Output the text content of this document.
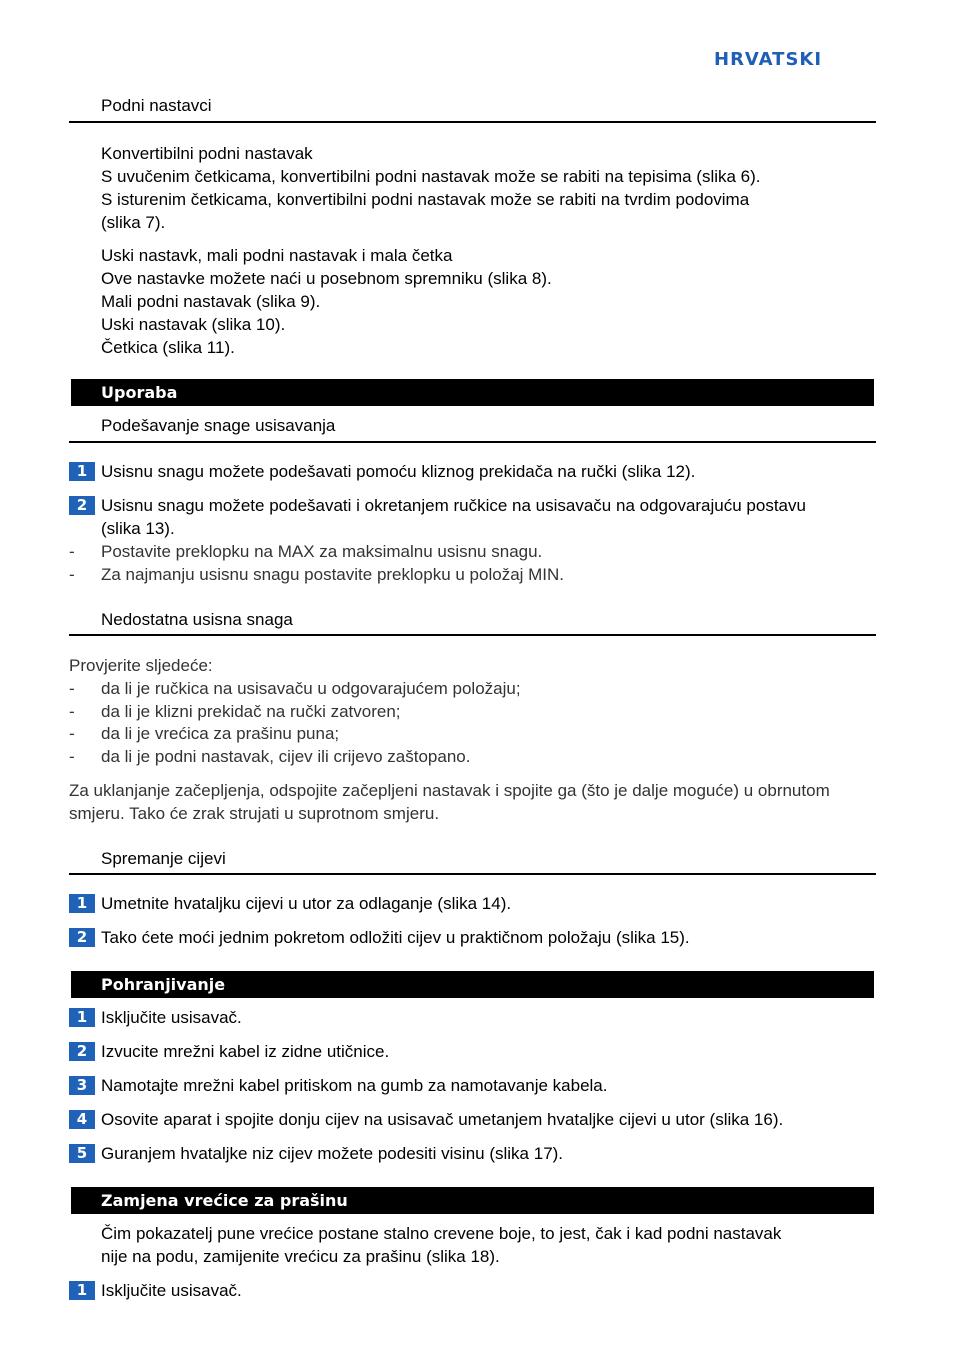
HRVATSKI
Podni nastavci
Konvertibilni podni nastavak
S uvučenim četkicama, konvertibilni podni nastavak može se rabiti na tepisima (slika 6).
S isturenim četkicama, konvertibilni podni nastavak može se rabiti na tvrdim podovima
(slika 7).
Uski nastavk, mali podni nastavak i mala četka
Ove nastavke možete naći u posebnom spremniku (slika 8).
Mali podni nastavak (slika 9).
Uski nastavak (slika 10).
Četkica (slika 11).
Uporaba
Podešavanje snage usisavanja
1 Usisnu snagu možete podešavati pomoću kliznog prekidača na ručki (slika 12).
2 Usisnu snagu možete podešavati i okretanjem ručkice na usisavaču na odgovarajuću postavu
(slika 13).
- Postavite preklopku na MAX za maksimalnu usisnu snagu.
- Za najmanju usisnu snagu postavite preklopku u položaj MIN.
Nedostatna usisna snaga
Provjerite sljedeće:
- da li je ručkica na usisavaču u odgovarajućem položaju;
- da li je klizni prekidač na ručki zatvoren;
- da li je vrećica za prašinu puna;
- da li je podni nastavak, cijev ili crijevo zaštopano.
Za uklanjanje začepljenja, odspojite začepljeni nastavak i spojite ga (što je dalje moguće) u obrnutom
smjeru. Tako će zrak strujati u suprotnom smjeru.
Spremanje cijevi
1 Umetnite hvataljku cijevi u utor za odlaganje (slika 14).
2 Tako ćete moći jednim pokretom odložiti cijev u praktičnom položaju (slika 15).
Pohranjivanje
1 Isključite usisavač.
2 Izvucite mrežni kabel iz zidne utičnice.
3 Namotajte mrežni kabel pritiskom na gumb za namotavanje kabela.
4 Osovite aparat i spojite donju cijev na usisavač umetanjem hvataljke cijevi u utor (slika 16).
5 Guranjem hvataljke niz cijev možete podesiti visinu (slika 17).
Zamjena vrećice za prašinu
Čim pokazatelj pune vrećice postane stalno crevene boje, to jest, čak i kad podni nastavak
nije na podu, zamijenite vrećicu za prašinu (slika 18).
1 Isključite usisavač.
